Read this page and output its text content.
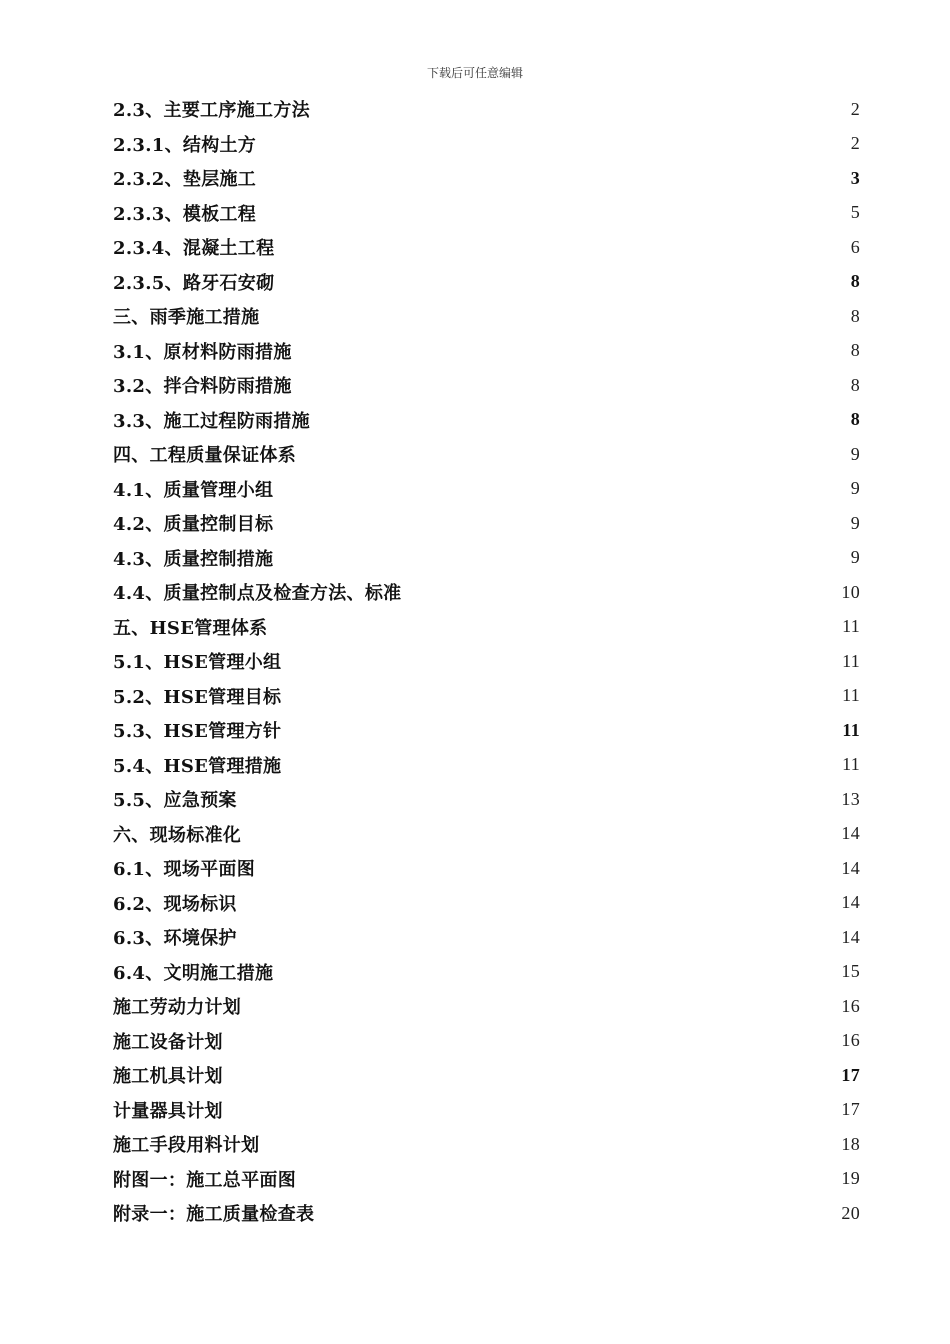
下载后可任意编辑
2.3、主要工序施工方法	2
2.3.1、结构土方	2
2.3.2、垫层施工	3
2.3.3、模板工程	5
2.3.4、混凝土工程	6
2.3.5、路牙石安砌	8
三、雨季施工措施	8
3.1、原材料防雨措施	8
3.2、拌合料防雨措施	8
3.3、施工过程防雨措施	8
四、工程质量保证体系	9
4.1、质量管理小组	9
4.2、质量控制目标	9
4.3、质量控制措施	9
4.4、质量控制点及检查方法、标准	10
五、HSE管理体系	11
5.1、HSE管理小组	11
5.2、HSE管理目标	11
5.3、HSE管理方针	11
5.4、HSE管理措施	11
5.5、应急预案	13
六、现场标准化	14
6.1、现场平面图	14
6.2、现场标识	14
6.3、环境保护	14
6.4、文明施工措施	15
施工劳动力计划	16
施工设备计划	16
施工机具计划	17
计量器具计划	17
施工手段用料计划	18
附图一：施工总平面图	19
附录一：施工质量检查表	20
